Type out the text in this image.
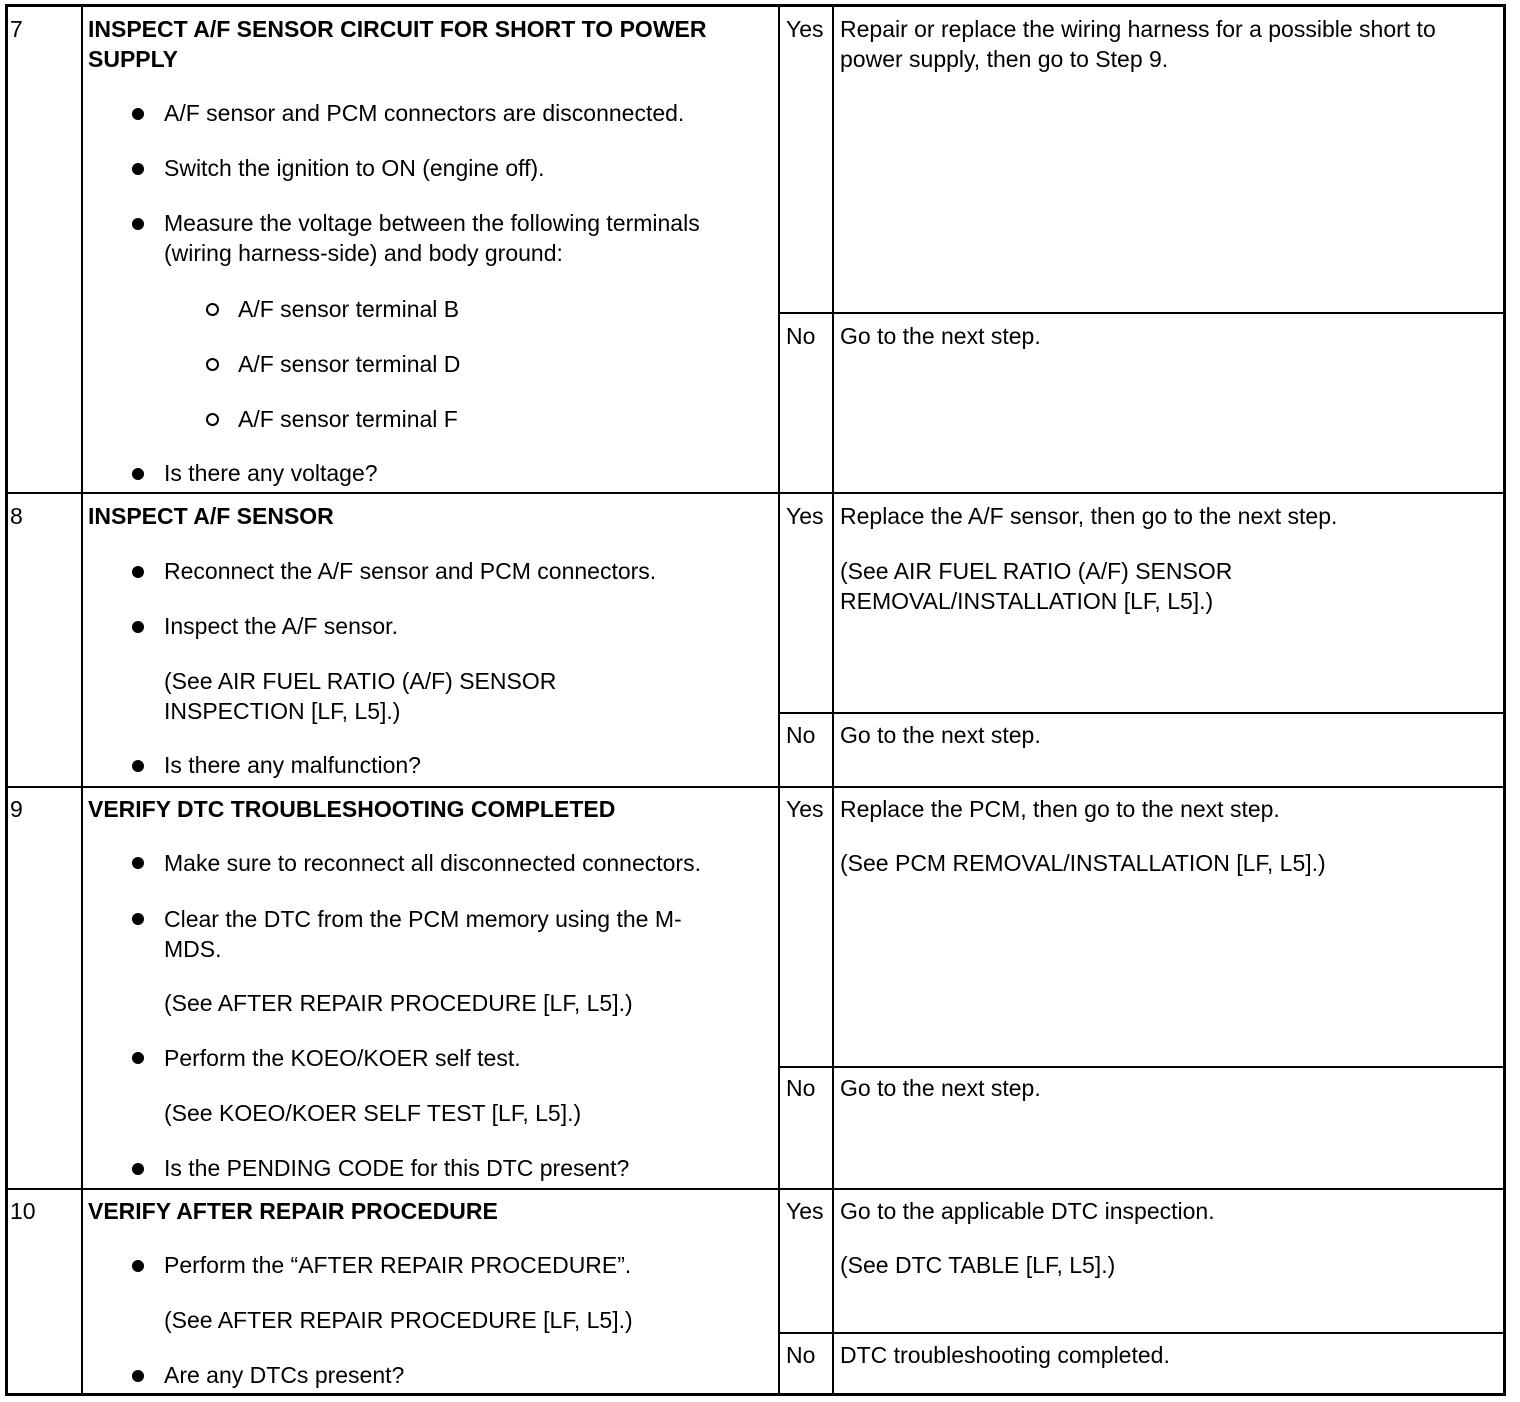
7	INSPECT A/F SENSOR CIRCUIT FOR SHORT TO POWER SUPPLY
A/F sensor and PCM connectors are disconnected.
Switch the ignition to ON (engine off).
Measure the voltage between the following terminals (wiring harness-side) and body ground:
A/F sensor terminal B
A/F sensor terminal D
A/F sensor terminal F
Is there any voltage?
Yes Repair or replace the wiring harness for a possible short to power supply, then go to Step 9.
No Go to the next step.
8	INSPECT A/F SENSOR
Reconnect the A/F sensor and PCM connectors.
Inspect the A/F sensor.
(See AIR FUEL RATIO (A/F) SENSOR INSPECTION [LF, L5].)
Is there any malfunction?
Yes Replace the A/F sensor, then go to the next step.
(See AIR FUEL RATIO (A/F) SENSOR REMOVAL/INSTALLATION [LF, L5].)
No Go to the next step.
9	VERIFY DTC TROUBLESHOOTING COMPLETED
Make sure to reconnect all disconnected connectors.
Clear the DTC from the PCM memory using the M-MDS.
(See AFTER REPAIR PROCEDURE [LF, L5].)
Perform the KOEO/KOER self test.
(See KOEO/KOER SELF TEST [LF, L5].)
Is the PENDING CODE for this DTC present?
Yes Replace the PCM, then go to the next step.
(See PCM REMOVAL/INSTALLATION [LF, L5].)
No Go to the next step.
10 VERIFY AFTER REPAIR PROCEDURE
Perform the “AFTER REPAIR PROCEDURE”.
(See AFTER REPAIR PROCEDURE [LF, L5].)
Are any DTCs present?
Yes Go to the applicable DTC inspection.
(See DTC TABLE [LF, L5].)
No DTC troubleshooting completed.
